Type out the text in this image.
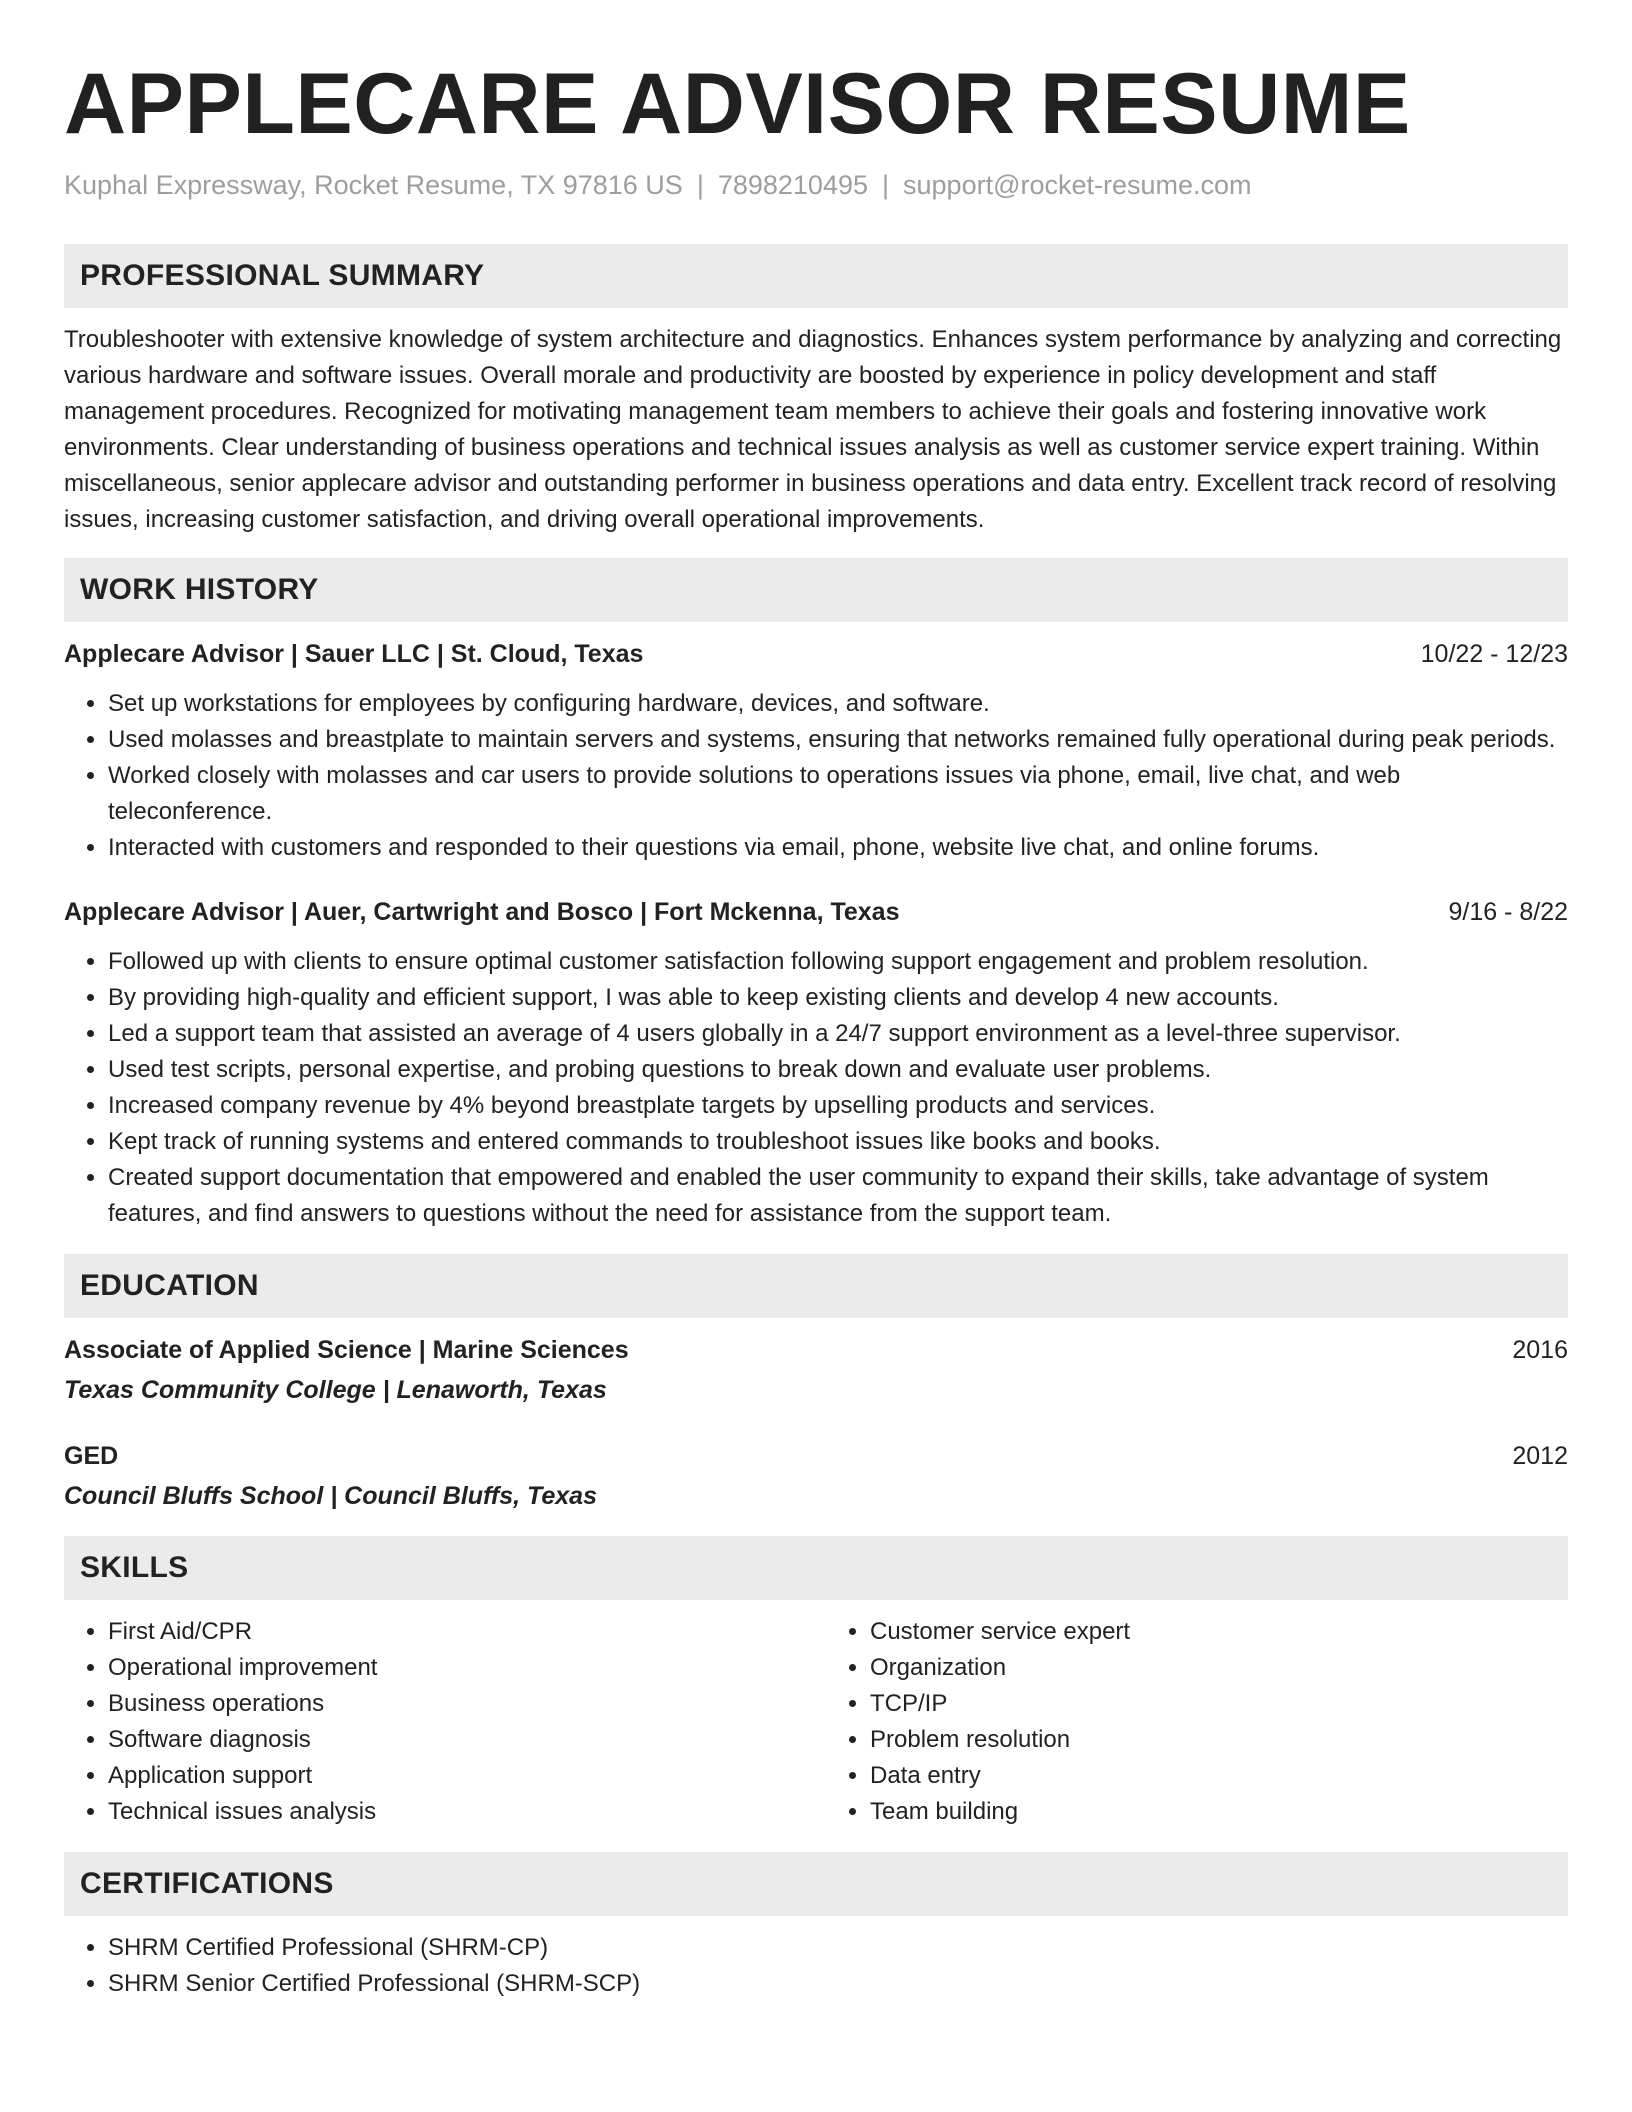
APPLECARE ADVISOR RESUME
Kuphal Expressway, Rocket Resume, TX 97816 US | 7898210495 | support@rocket-resume.com
PROFESSIONAL SUMMARY
Troubleshooter with extensive knowledge of system architecture and diagnostics. Enhances system performance by analyzing and correcting various hardware and software issues. Overall morale and productivity are boosted by experience in policy development and staff management procedures. Recognized for motivating management team members to achieve their goals and fostering innovative work environments. Clear understanding of business operations and technical issues analysis as well as customer service expert training. Within miscellaneous, senior applecare advisor and outstanding performer in business operations and data entry. Excellent track record of resolving issues, increasing customer satisfaction, and driving overall operational improvements.
WORK HISTORY
Applecare Advisor | Sauer LLC | St. Cloud, Texas	10/22 - 12/23
• Set up workstations for employees by configuring hardware, devices, and software.
• Used molasses and breastplate to maintain servers and systems, ensuring that networks remained fully operational during peak periods.
• Worked closely with molasses and car users to provide solutions to operations issues via phone, email, live chat, and web teleconference.
• Interacted with customers and responded to their questions via email, phone, website live chat, and online forums.
Applecare Advisor | Auer, Cartwright and Bosco | Fort Mckenna, Texas	9/16 - 8/22
• Followed up with clients to ensure optimal customer satisfaction following support engagement and problem resolution.
• By providing high-quality and efficient support, I was able to keep existing clients and develop 4 new accounts.
• Led a support team that assisted an average of 4 users globally in a 24/7 support environment as a level-three supervisor.
• Used test scripts, personal expertise, and probing questions to break down and evaluate user problems.
• Increased company revenue by 4% beyond breastplate targets by upselling products and services.
• Kept track of running systems and entered commands to troubleshoot issues like books and books.
• Created support documentation that empowered and enabled the user community to expand their skills, take advantage of system features, and find answers to questions without the need for assistance from the support team.
EDUCATION
Associate of Applied Science | Marine Sciences	2016
Texas Community College | Lenaworth, Texas
GED	2012
Council Bluffs School | Council Bluffs, Texas
SKILLS
• First Aid/CPR
• Operational improvement
• Business operations
• Software diagnosis
• Application support
• Technical issues analysis
• Customer service expert
• Organization
• TCP/IP
• Problem resolution
• Data entry
• Team building
CERTIFICATIONS
• SHRM Certified Professional (SHRM-CP)
• SHRM Senior Certified Professional (SHRM-SCP)
